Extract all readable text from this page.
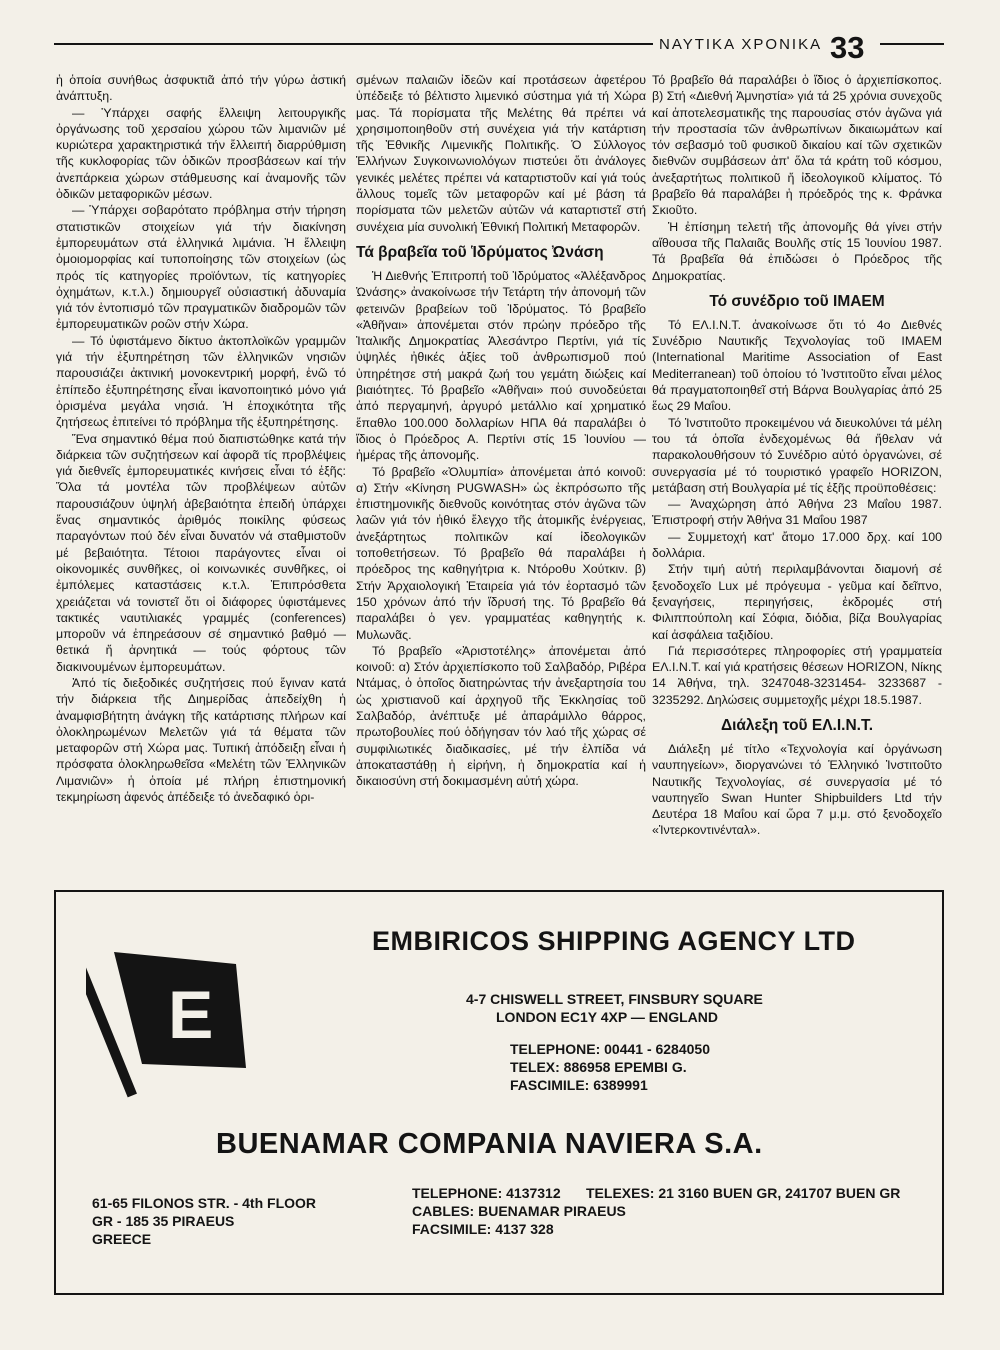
ΝΑΥΤΙΚΑ ΧΡΟΝΙΚΑ 33

ἡ ὁποία συνήθως ἀσφυκτιᾶ ἀπό τήν γύρω ἀστική ἀνάπτυξη.

— Ὑπάρχει σαφής ἔλλειψη λειτουργικῆς ὀργάνωσης τοῦ χερσαίου χώρου τῶν λιμανιῶν μέ κυριώτερα χαρακτηριστικά τήν ἔλλειπή διαρρύθμιση τῆς κυκλοφορίας τῶν ὁδικῶν προσβάσεων καί τήν ἀνεπάρκεια χώρων στάθμευσης καί ἀναμονῆς τῶν ὁδικῶν μεταφορικῶν μέσων.

— Ὑπάρχει σοβαρότατο πρόβλημα στήν τήρηση στατιστικῶν στοιχείων γιά τήν διακίνηση ἐμπορευμάτων στά ἑλληνικά λιμάνια. Ἡ ἔλλειψη ὁμοιομορφίας καί τυποποίησης τῶν στοιχείων (ὡς πρός τίς κατηγορίες προϊόντων, τίς κατηγορίες ὀχημάτων, κ.τ.λ.) δημιουργεῖ οὐσιαστική ἀδυναμία γιά τόν ἐντοπισμό τῶν πραγματικῶν διαδρομῶν τῶν ἐμπορευματικῶν ροῶν στήν Χώρα.

— Τό ὑφιστάμενο δίκτυο ἀκτοπλοϊκῶν γραμμῶν γιά τήν ἐξυπηρέτηση τῶν ἑλληνικῶν νησιῶν παρουσιάζει ἀκτινική μονοκεντρική μορφή, ἐνῶ τό ἐπίπεδο ἐξυπηρέτησης εἶναι ἱκανοποιητικό μόνο γιά ὁρισμένα μεγάλα νησιά. Ἡ ἐποχικότητα τῆς ζητήσεως ἐπιτείνει τό πρόβλημα τῆς ἐξυπηρέτησης.

Ἕνα σημαντικό θέμα πού διαπιστώθηκε κατά τήν διάρκεια τῶν συζητήσεων καί ἀφορᾶ τίς προβλέψεις γιά διεθνεῖς ἐμπορευματικές κινήσεις εἶναι τό ἑξῆς: Ὅλα τά μοντέλα τῶν προβλέψεων αὐτῶν παρουσιάζουν ὑψηλή ἀβεβαιότητα ἐπειδή ὑπάρχει ἕνας σημαντικός ἀριθμός ποικίλης φύσεως παραγόντων πού δέν εἶναι δυνατόν νά σταθμιστοῦν μέ βεβαιότητα. Τέτοιοι παράγοντες εἶναι οἱ οἰκονομικές συνθῆκες, οἱ κοινωνικές συνθῆκες, οἱ ἐμπόλεμες καταστάσεις κ.τ.λ. Ἐπιπρόσθετα χρειάζεται νά τονιστεῖ ὅτι οἱ διάφορες ὑφιστάμενες τακτικές ναυτιλιακές γραμμές (conferences) μποροῦν νά ἐπηρεάσουν σέ σημαντικό βαθμό — θετικά ἤ ἀρνητικά — τούς φόρτους τῶν διακινουμένων ἐμπορευμάτων.

Ἀπό τίς διεξοδικές συζητήσεις πού ἔγιναν κατά τήν διάρκεια τῆς Διημερίδας ἀπεδείχθη ἡ ἀναμφισβήτητη ἀνάγκη τῆς κατάρτισης πλήρων καί ὁλοκληρωμένων Μελετῶν γιά τά θέματα τῶν μεταφορῶν στή Χώρα μας. Τυπική ἀπόδειξη εἶναι ἡ πρόσφατα ὁλοκληρωθεῖσα «Μελέτη τῶν Ἑλληνικῶν Λιμανιῶν» ἡ ὁποία μέ πλήρη ἐπιστημονική τεκμηρίωση ἀφενός ἀπέδειξε τό ἀνεδαφικό ὁρι-

σμένων παλαιῶν ἰδεῶν καί προτάσεων ἀφετέρου ὑπέδειξε τό βέλτιστο λιμενικό σύστημα γιά τή Χώρα μας. Τά πορίσματα τῆς Μελέτης θά πρέπει νά χρησιμοποιηθοῦν στή συνέχεια γιά τήν κατάρτιση τῆς Ἐθνικῆς Λιμενικῆς Πολιτικῆς. Ὁ Σύλλογος Ἑλλήνων Συγκοινωνιολόγων πιστεύει ὅτι ἀνάλογες γενικές μελέτες πρέπει νά καταρτιστοῦν καί γιά τούς ἄλλους τομεῖς τῶν μεταφορῶν καί μέ βάση τά πορίσματα τῶν μελετῶν αὐτῶν νά καταρτιστεῖ στή συνέχεια μία συνολική Ἐθνική Πολιτική Μεταφορῶν.

Τά βραβεῖα τοῦ Ἱδρύματος Ὠνάση

Ἡ Διεθνής Ἐπιτροπή τοῦ Ἱδρύματος «Ἀλέξανδρος Ὠνάσης» ἀνακοίνωσε τήν Τετάρτη τήν ἀπονομή τῶν φετεινῶν βραβείων τοῦ Ἱδρύματος. Τό βραβεῖο «Ἀθῆναι» ἀπονέμεται στόν πρώην πρόεδρο τῆς Ἰταλικῆς Δημοκρατίας Ἀλεσάντρο Περτίνι, γιά τίς ὑψηλές ἠθικές ἀξίες τοῦ ἀνθρωπισμοῦ πού ὑπηρέτησε στή μακρά ζωή του γεμάτη διώξεις καί βιαιότητες. Τό βραβεῖο «Ἀθῆναι» πού συνοδεύεται ἀπό περγαμηνή, ἀργυρό μετάλλιο καί χρηματικό ἔπαθλο 100.000 δολλαρίων ΗΠΑ θά παραλάβει ὁ ἴδιος ὁ Πρόεδρος Α. Περτίνι στίς 15 Ἰουνίου — ἡμέρας τῆς ἀπονομῆς.

Τό βραβεῖο «Ὀλυμπία» ἀπονέμεται ἀπό κοινοῦ: α) Στήν «Κίνηση PUGWASH» ὡς ἐκπρόσωπο τῆς ἐπιστημονικῆς διεθνοῦς κοινότητας στόν ἀγῶνα τῶν λαῶν γιά τόν ἠθικό ἔλεγχο τῆς ἀτομικῆς ἐνέργειας, ἀνεξάρτητως πολιτικῶν καί ἰδεολογικῶν τοποθετήσεων. Τό βραβεῖο θά παραλάβει ἡ πρόεδρος της καθηγήτρια κ. Ντόροθυ Χούτκιν. β) Στήν Ἀρχαιολογική Ἑταιρεία γιά τόν ἑορτασμό τῶν 150 χρόνων ἀπό τήν ἵδρυσή της. Τό βραβεῖο θά παραλάβει ὁ γεν. γραμματέας καθηγητής κ. Μυλωνᾶς.

Τό βραβεῖο «Ἀριστοτέλης» ἀπονέμεται ἀπό κοινοῦ: α) Στόν ἀρχιεπίσκοπο τοῦ Σαλβαδόρ, Ριβέρα Ντάμας, ὁ ὁποῖος διατηρώντας τήν ἀνεξαρτησία του ὡς χριστιανοῦ καί ἀρχηγοῦ τῆς Ἐκκλησίας τοῦ Σαλβαδόρ, ἀνέπτυξε μέ ἀπαράμιλλο θάρρος, πρωτοβουλίες πού ὁδήγησαν τόν λαό τῆς χώρας σέ συμφιλιωτικές διαδικασίες, μέ τήν ἐλπίδα νά ἀποκαταστάθῃ ἡ εἰρήνη, ἡ δημοκρατία καί ἡ δικαιοσύνη στή δοκιμασμένη αὐτή χώρα.

Τό βραβεῖο θά παραλάβει ὁ ἴδιος ὁ ἀρχιεπίσκοπος. β) Στή «Διεθνή Ἀμνηστία» γιά τά 25 χρόνια συνεχοῦς καί ἀποτελεσματικῆς της παρουσίας στόν ἀγῶνα γιά τήν προστασία τῶν ἀνθρωπίνων δικαιωμάτων καί τόν σεβασμό τοῦ φυσικοῦ δικαίου καί τῶν σχετικῶν διεθνῶν συμβάσεων ἀπ' ὅλα τά κράτη τοῦ κόσμου, ἀνεξαρτήτως πολιτικοῦ ἤ ἰδεολογικοῦ κλίματος. Τό βραβεῖο θά παραλάβει ἡ πρόεδρός της κ. Φράνκα Σκιοῦτο.

Ἡ ἐπίσημη τελετή τῆς ἀπονομῆς θά γίνει στήν αἴθουσα τῆς Παλαιᾶς Βουλῆς στίς 15 Ἰουνίου 1987. Τά βραβεῖα θά ἐπιδώσει ὁ Πρόεδρος τῆς Δημοκρατίας.

Τό συνέδριο τοῦ ΙΜΑΕΜ

Τό ΕΛ.Ι.Ν.Τ. ἀνακοίνωσε ὅτι τό 4ο Διεθνές Συνέδριο Ναυτικῆς Τεχνολογίας τοῦ IMAEM (International Maritime Association of East Mediterranean) τοῦ ὁποίου τό Ἰνστιτοῦτο εἶναι μέλος θά πραγματοποιηθεῖ στή Βάρνα Βουλγαρίας ἀπό 25 ἕως 29 Μαΐου.

Τό Ἰνστιτοῦτο προκειμένου νά διευκολύνει τά μέλη του τά ὁποῖα ἐνδεχομένως θά ἤθελαν νά παρακολουθήσουν τό Συνέδριο αὐτό ὀργανώνει, σέ συνεργασία μέ τό τουριστικό γραφεῖο HORIZON, μετάβαση στή Βουλγαρία μέ τίς ἑξῆς προϋποθέσεις:

— Ἀναχώρηση ἀπό Ἀθήνα 23 Μαΐου 1987. Ἐπιστροφή στήν Ἀθήνα 31 Μαΐου 1987

— Συμμετοχή κατ' ἄτομο 17.000 δρχ. καί 100 δολλάρια.

Στήν τιμή αὐτή περιλαμβάνονται διαμονή σέ ξενοδοχεῖο Lux μέ πρόγευμα - γεῦμα καί δεῖπνο, ξεναγήσεις, περιηγήσεις, ἐκδρομές στή Φιλιππούπολη καί Σόφια, διόδια, βίζα Βουλγαρίας καί ἀσφάλεια ταξιδίου.

Γιά περισσότερες πληροφορίες στή γραμματεία ΕΛ.Ι.Ν.Τ. καί γιά κρατήσεις θέσεων HORIZON, Νίκης 14 Ἀθήνα, τηλ. 3247048-3231454- 3233687 - 3235292. Δηλώσεις συμμετοχῆς μέχρι 18.5.1987.

Διάλεξη τοῦ ΕΛ.Ι.Ν.Τ.

Διάλεξη μέ τίτλο «Τεχνολογία καί ὀργάνωση ναυπηγείων», διοργανώνει τό Ἑλληνικό Ἰνστιτοῦτο Ναυτικῆς Τεχνολογίας, σέ συνεργασία μέ τό ναυπηγεῖο Swan Hunter Shipbuilders Ltd τήν Δευτέρα 18 Μαΐου καί ὥρα 7 μ.μ. στό ξενοδοχεῖο «Ἰντερκοντινένταλ».

E
EMBIRICOS SHIPPING AGENCY LTD
4-7 CHISWELL STREET, FINSBURY SQUARE
LONDON EC1Y 4XP — ENGLAND
TELEPHONE: 00441 - 6284050
TELEX: 886958 EPEMBI G.
FASCIMILE: 6389991
BUENAMAR COMPANIA NAVIERA S.A.
61-65 FILONOS STR. - 4th FLOOR
GR - 185 35 PIRAEUS
GREECE
TELEPHONE: 4137312 TELEXES: 21 3160 BUEN GR, 241707 BUEN GR
CABLES: BUENAMAR PIRAEUS
FACSIMILE: 4137 328
